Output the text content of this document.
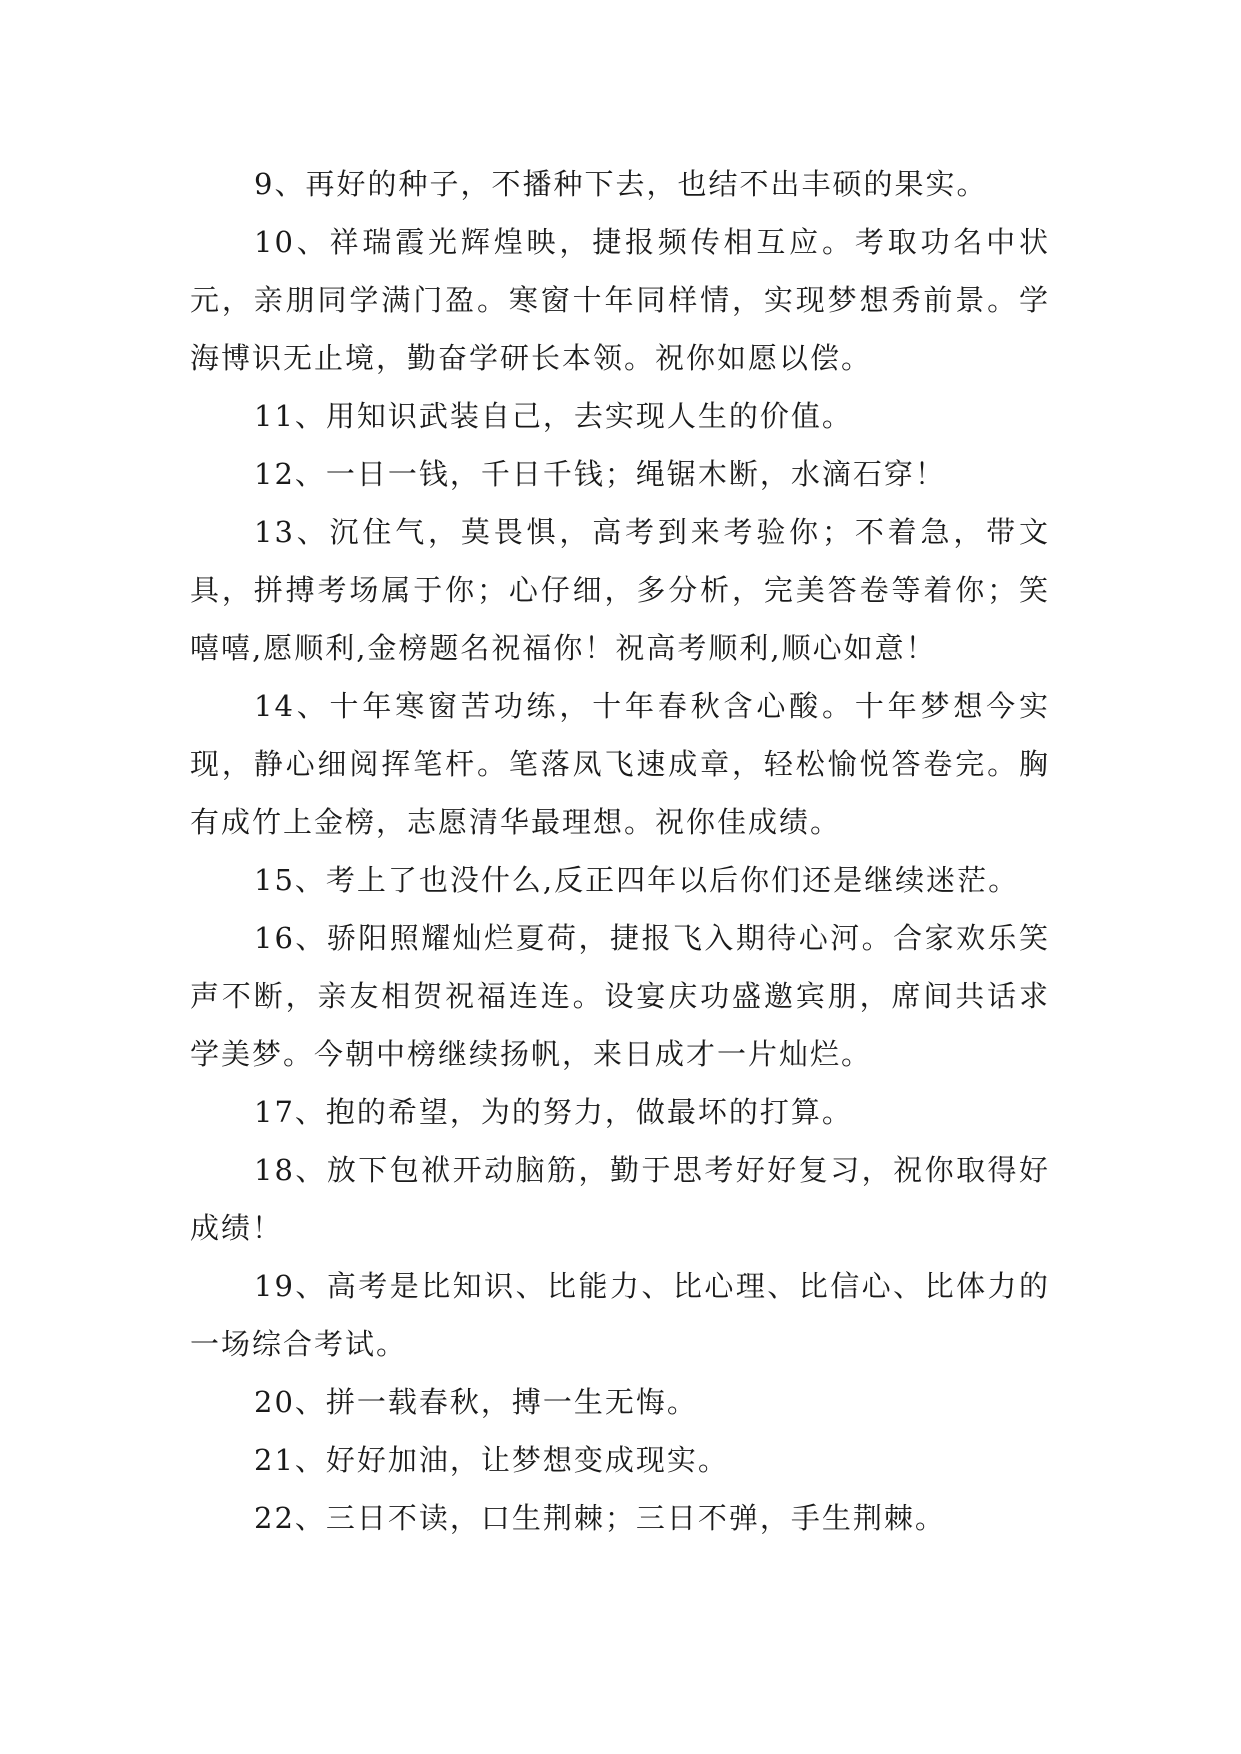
9、再好的种子，不播种下去，也结不出丰硕的果实。

10、祥瑞霞光辉煌映，捷报频传相互应。考取功名中状元，亲朋同学满门盈。寒窗十年同样情，实现梦想秀前景。学海博识无止境，勤奋学研长本领。祝你如愿以偿。

11、用知识武装自己，去实现人生的价值。

12、一日一钱，千日千钱；绳锯木断，水滴石穿！

13、沉住气，莫畏惧，高考到来考验你；不着急，带文具，拼搏考场属于你；心仔细，多分析，完美答卷等着你；笑嘻嘻,愿顺利,金榜题名祝福你！祝高考顺利,顺心如意！

14、十年寒窗苦功练，十年春秋含心酸。十年梦想今实现，静心细阅挥笔杆。笔落凤飞速成章，轻松愉悦答卷完。胸有成竹上金榜，志愿清华最理想。祝你佳成绩。

15、考上了也没什么,反正四年以后你们还是继续迷茫。

16、骄阳照耀灿烂夏荷，捷报飞入期待心河。合家欢乐笑声不断，亲友相贺祝福连连。设宴庆功盛邀宾朋，席间共话求学美梦。今朝中榜继续扬帆，来日成才一片灿烂。

17、抱的希望，为的努力，做最坏的打算。

18、放下包袱开动脑筋，勤于思考好好复习，祝你取得好成绩！

19、高考是比知识、比能力、比心理、比信心、比体力的一场综合考试。

20、拼一载春秋，搏一生无悔。

21、好好加油，让梦想变成现实。

22、三日不读，口生荆棘；三日不弹，手生荆棘。
